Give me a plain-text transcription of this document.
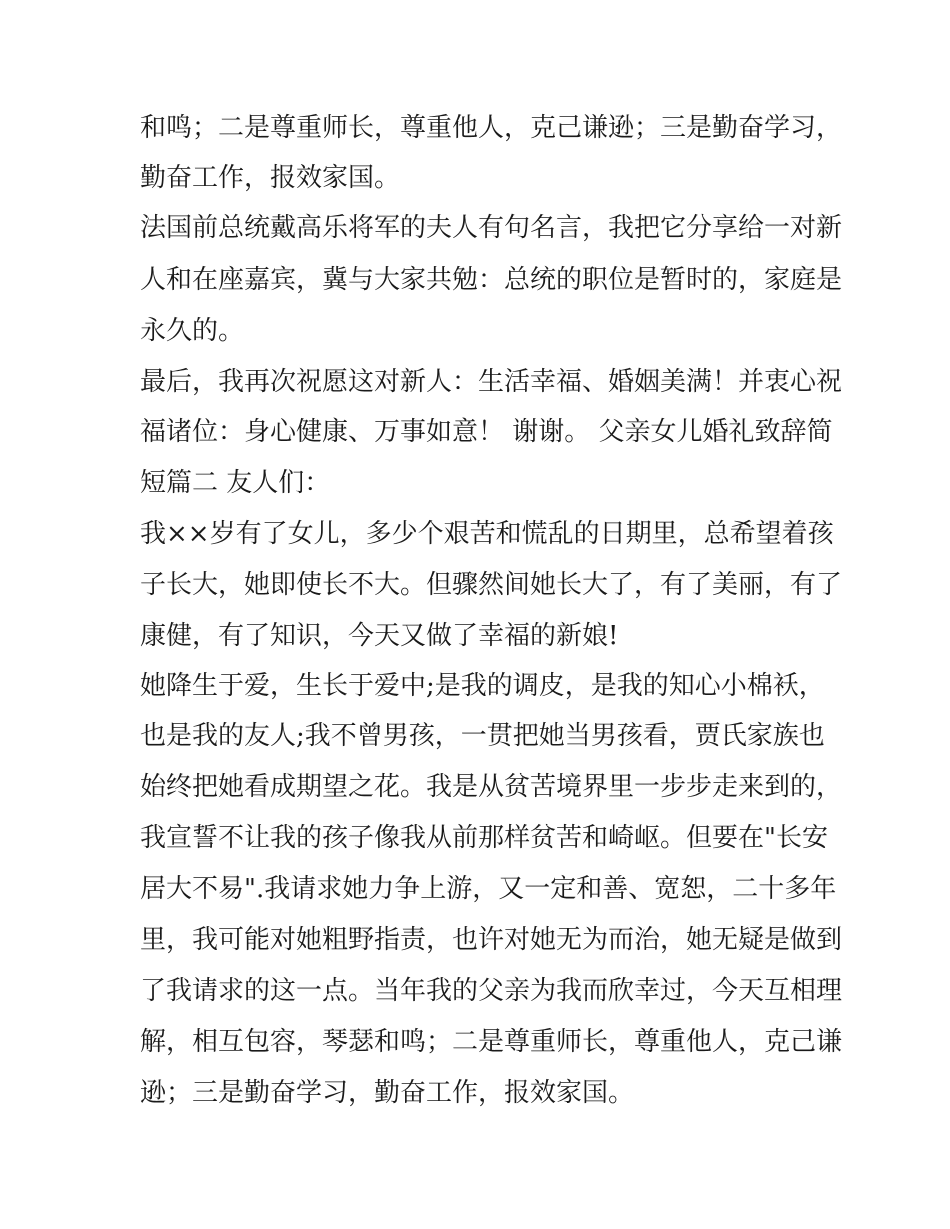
和鸣；二是尊重师长，尊重他人，克己谦逊；三是勤奋学习，
勤奋工作，报效家国。
法国前总统戴高乐将军的夫人有句名言，我把它分享给一对新
人和在座嘉宾，冀与大家共勉：总统的职位是暂时的，家庭是
永久的。
最后，我再次祝愿这对新人：生活幸福、婚姻美满！并衷心祝
福诸位：身心健康、万事如意！ 谢谢。 父亲女儿婚礼致辞简
短篇二 友人们：
我××岁有了女儿，多少个艰苦和慌乱的日期里，总希望着孩
子长大，她即使长不大。但骤然间她长大了，有了美丽，有了
康健，有了知识，今天又做了幸福的新娘!
她降生于爱，生长于爱中;是我的调皮，是我的知心小棉袄，
也是我的友人;我不曾男孩，一贯把她当男孩看，贾氏家族也
始终把她看成期望之花。我是从贫苦境界里一步步走来到的，
我宣誓不让我的孩子像我从前那样贫苦和崎岖。但要在"长安
居大不易".我请求她力争上游，又一定和善、宽恕，二十多年
里，我可能对她粗野指责，也许对她无为而治，她无疑是做到
了我请求的这一点。当年我的父亲为我而欣幸过，今天互相理
解，相互包容，琴瑟和鸣；二是尊重师长，尊重他人，克己谦
逊；三是勤奋学习，勤奋工作，报效家国。
